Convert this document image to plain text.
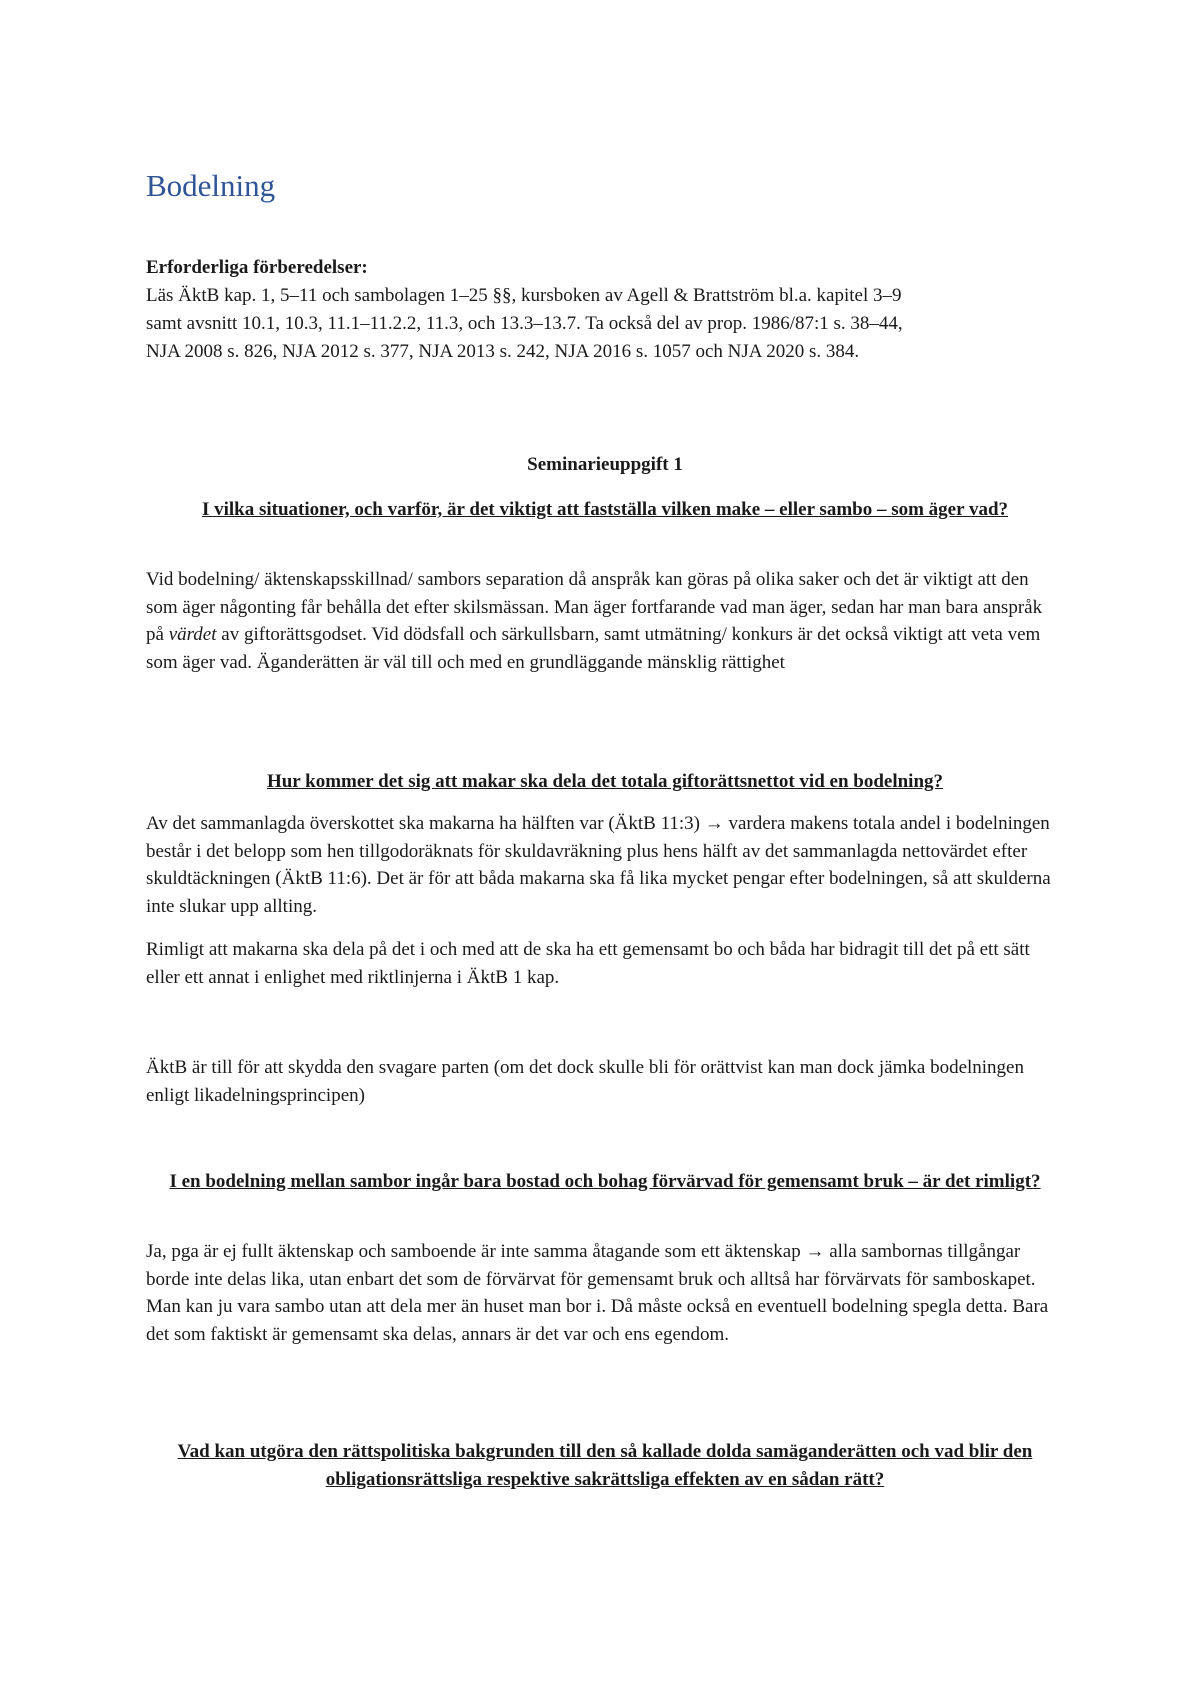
Bodelning
Erforderliga förberedelser:
Läs ÄktB kap. 1, 5–11 och sambolagen 1–25 §§, kursboken av Agell & Brattström bl.a. kapitel 3–9 samt avsnitt 10.1, 10.3, 11.1–11.2.2, 11.3, och 13.3–13.7. Ta också del av prop. 1986/87:1 s. 38–44, NJA 2008 s. 826, NJA 2012 s. 377, NJA 2013 s. 242, NJA 2016 s. 1057 och NJA 2020 s. 384.
Seminarieuppgift 1
I vilka situationer, och varför, är det viktigt att fastställa vilken make – eller sambo – som äger vad?
Vid bodelning/ äktenskapsskillnad/ sambors separation då anspråk kan göras på olika saker och det är viktigt att den som äger någonting får behålla det efter skilsmässan. Man äger fortfarande vad man äger, sedan har man bara anspråk på värdet av giftorättsgodset. Vid dödsfall och särkullsbarn, samt utmätning/ konkurs är det också viktigt att veta vem som äger vad. Äganderätten är väl till och med en grundläggande mänsklig rättighet
Hur kommer det sig att makar ska dela det totala giftorättsnettot vid en bodelning?
Av det sammanlagda överskottet ska makarna ha hälften var (ÄktB 11:3) → vardera makens totala andel i bodelningen består i det belopp som hen tillgodoräknats för skuldavräkning plus hens hälft av det sammanlagda nettovärdet efter skuldtäckningen (ÄktB 11:6). Det är för att båda makarna ska få lika mycket pengar efter bodelningen, så att skulderna inte slukar upp allting.
Rimligt att makarna ska dela på det i och med att de ska ha ett gemensamt bo och båda har bidragit till det på ett sätt eller ett annat i enlighet med riktlinjerna i ÄktB 1 kap.
ÄktB är till för att skydda den svagare parten (om det dock skulle bli för orättvist kan man dock jämka bodelningen enligt likadelningsprincipen)
I en bodelning mellan sambor ingår bara bostad och bohag förvärvad för gemensamt bruk – är det rimligt?
Ja, pga är ej fullt äktenskap och samboende är inte samma åtagande som ett äktenskap → alla sambornas tillgångar borde inte delas lika, utan enbart det som de förvärvat för gemensamt bruk och alltså har förvärvats för samboskapet. Man kan ju vara sambo utan att dela mer än huset man bor i. Då måste också en eventuell bodelning spegla detta. Bara det som faktiskt är gemensamt ska delas, annars är det var och ens egendom.
Vad kan utgöra den rättspolitiska bakgrunden till den så kallade dolda samäganderätten och vad blir den obligationsrättsliga respektive sakrättsliga effekten av en sådan rätt?
